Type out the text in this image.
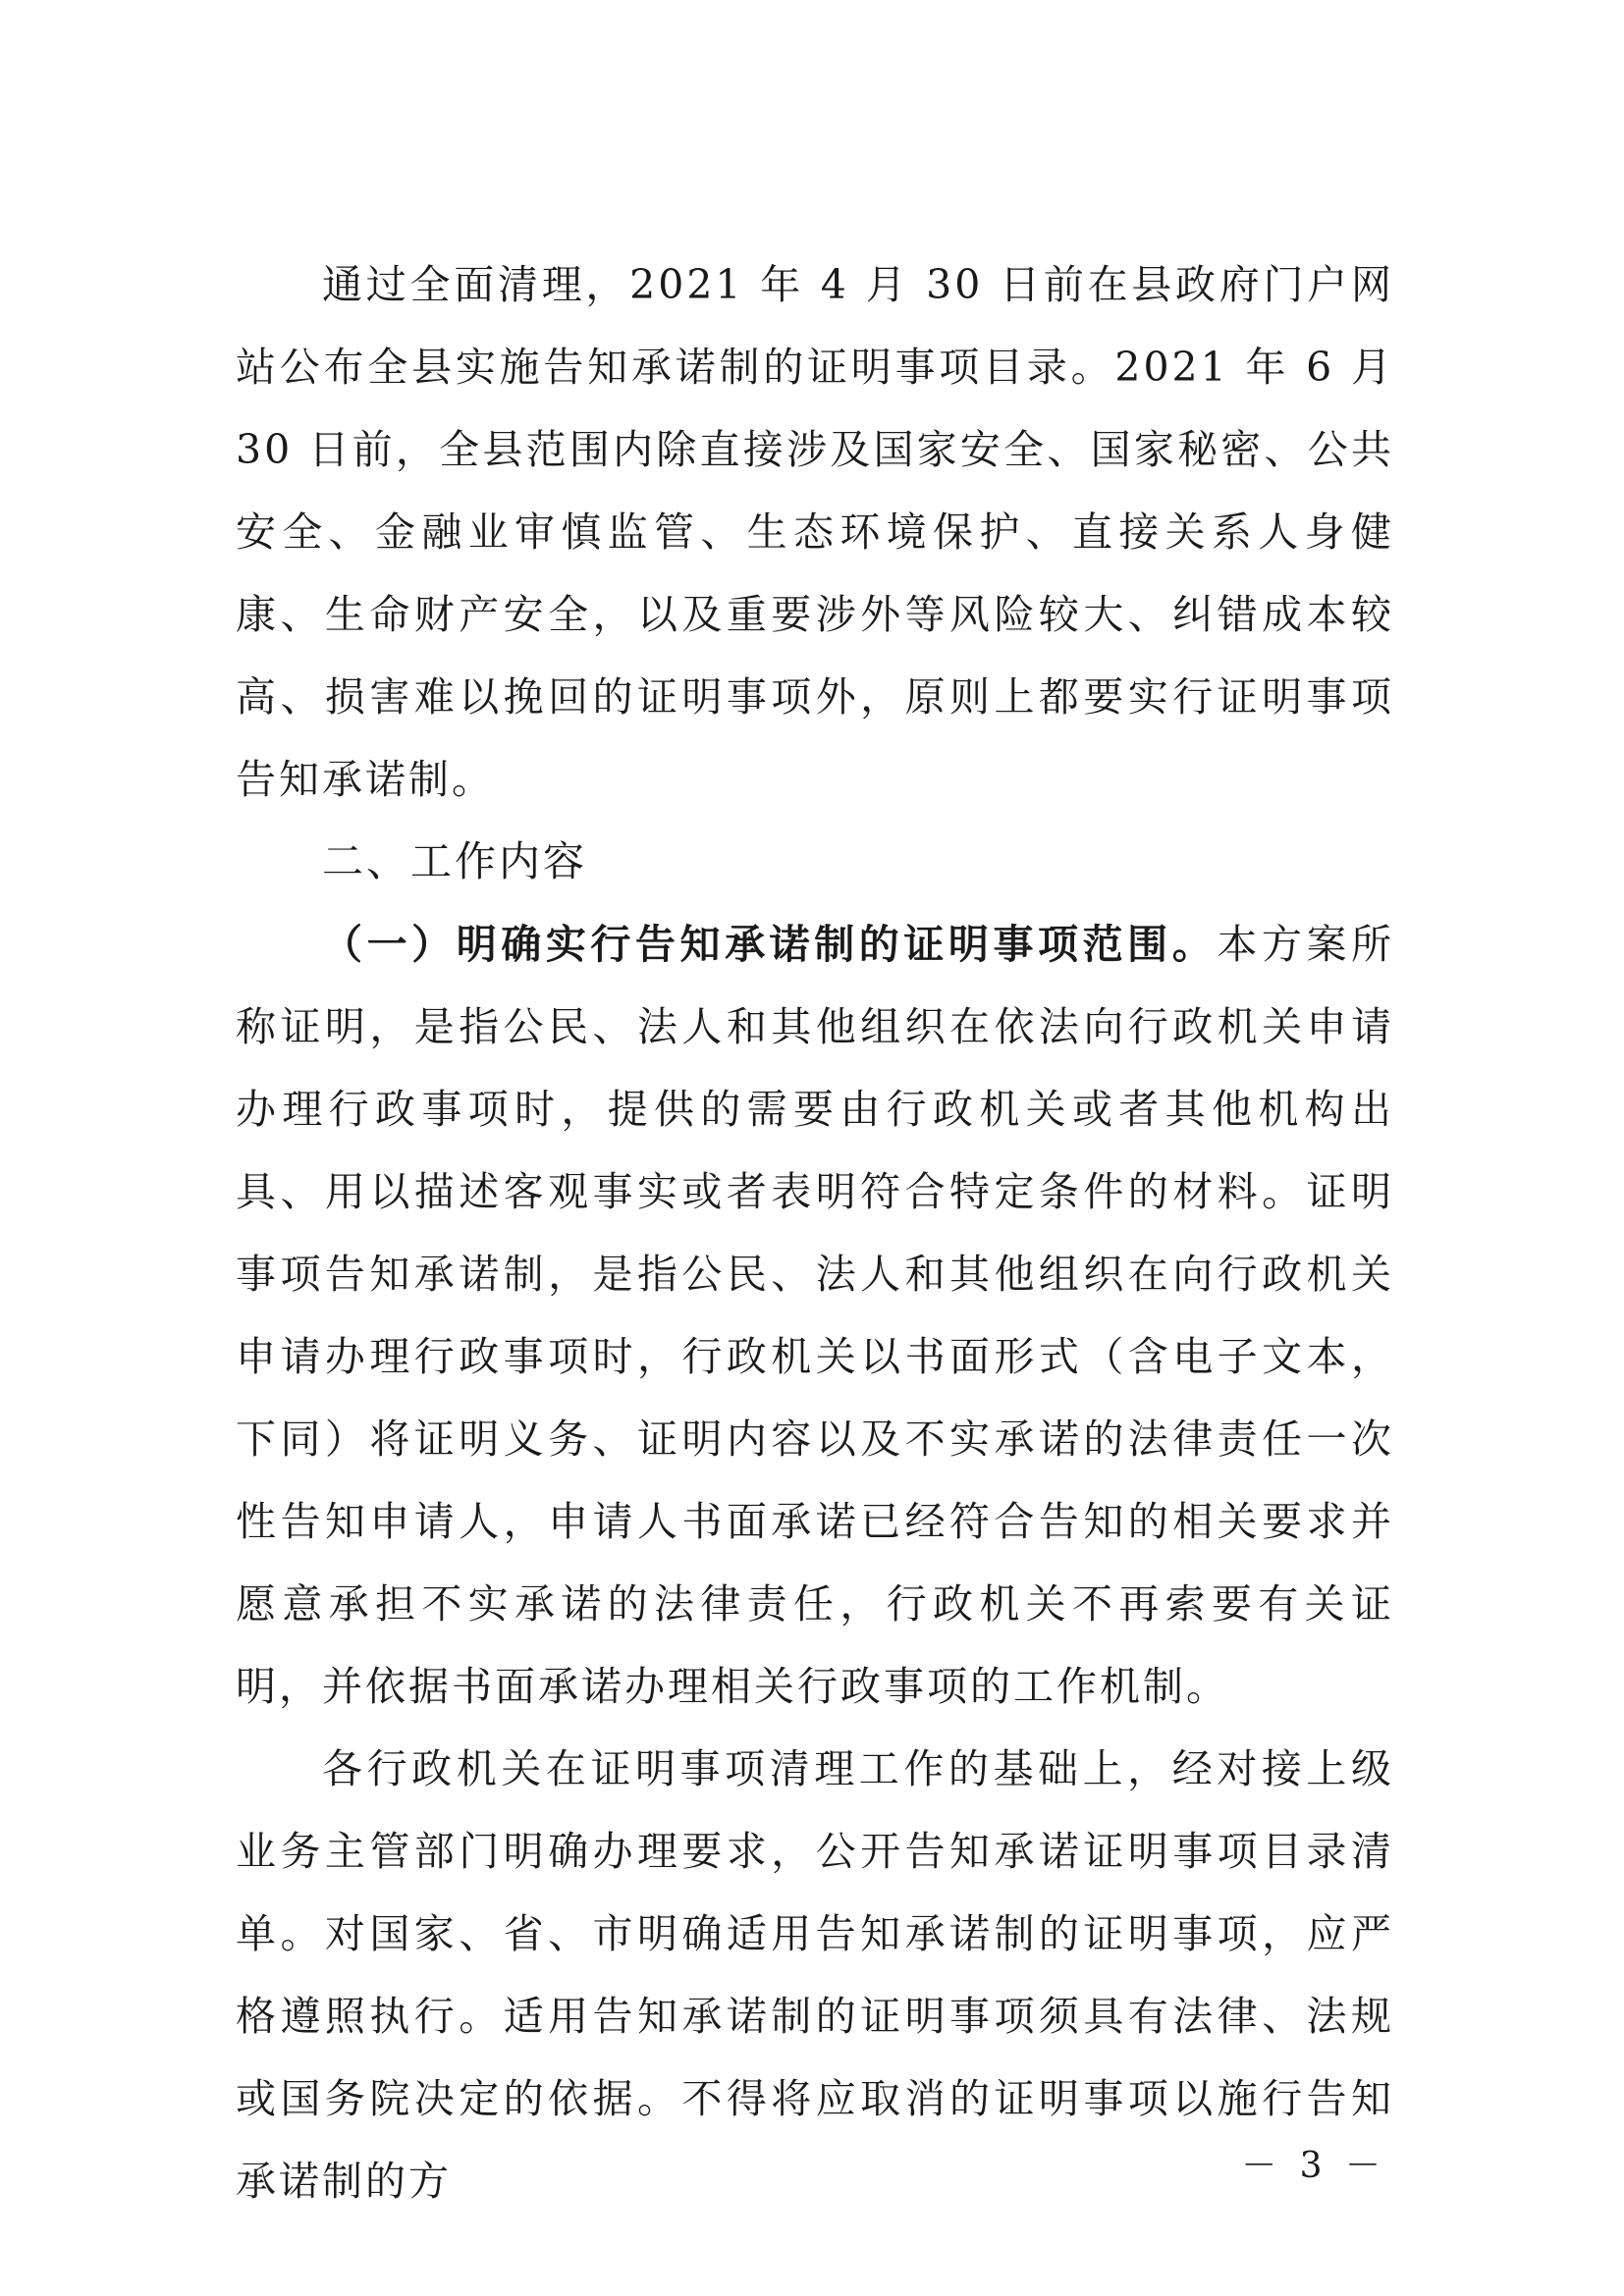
通过全面清理，2021 年 4 月 30 日前在县政府门户网站公布全县实施告知承诺制的证明事项目录。2021 年 6 月 30 日前，全县范围内除直接涉及国家安全、国家秘密、公共安全、金融业审慎监管、生态环境保护、直接关系人身健康、生命财产安全，以及重要涉外等风险较大、纠错成本较高、损害难以挽回的证明事项外，原则上都要实行证明事项告知承诺制。

二、工作内容

（一）明确实行告知承诺制的证明事项范围。本方案所称证明，是指公民、法人和其他组织在依法向行政机关申请办理行政事项时，提供的需要由行政机关或者其他机构出具、用以描述客观事实或者表明符合特定条件的材料。证明事项告知承诺制，是指公民、法人和其他组织在向行政机关申请办理行政事项时，行政机关以书面形式（含电子文本，下同）将证明义务、证明内容以及不实承诺的法律责任一次性告知申请人，申请人书面承诺已经符合告知的相关要求并愿意承担不实承诺的法律责任，行政机关不再索要有关证明，并依据书面承诺办理相关行政事项的工作机制。

各行政机关在证明事项清理工作的基础上，经对接上级业务主管部门明确办理要求，公开告知承诺证明事项目录清单。对国家、省、市明确适用告知承诺制的证明事项，应严格遵照执行。适用告知承诺制的证明事项须具有法律、法规或国务院决定的依据。不得将应取消的证明事项以施行告知承诺制的方	－ 3 －
